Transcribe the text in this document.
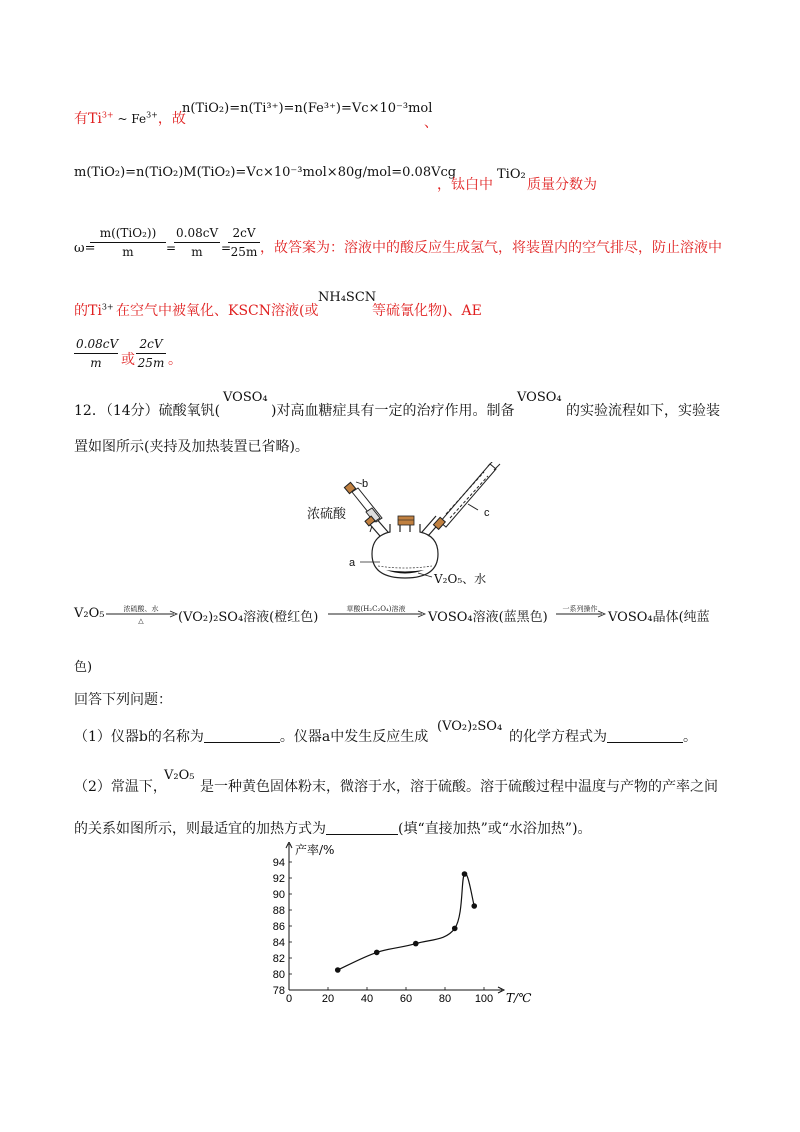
有$Ti^{3+}$ ~ $Fe^{3+}$，故
n(TiO₂)=n(Ti³⁺)=n(Fe³⁺)=Vc×10⁻³mol
、
m(TiO₂)=n(TiO₂)M(TiO₂)=Vc×10⁻³mol×80g/mol=0.08Vcg
，钛白中
TiO₂
质量分数为
ω=
m((TiO₂))
m	=
$\frac{0.08cV}{m}$ =
$\frac{2cV}{25m}$ ，故答案为：溶液中的酸反应生成氢气，将装置内的空气排尽，防止溶液中
的$Ti^{3+}$ 在空气中被氧化、KSCN溶液(或
NH₄SCN
等硫氰化物)、AE
$\frac{0.08cV}{m}$ 或 $\frac{2cV}{25m}$ 。
12．（14分）硫酸氧钒(
VOSO₄
)对高血糖症具有一定的治疗作用。制备
VOSO₄
的实验流程如下，实验装
置如图所示(夹持及加热装置已省略)。
b
浓硫酸	c
a
V₂O₅、水
V₂O₅	浓硫酸、水
△	(VO₂)₂SO₄溶液(橙红色)
草酸(H₂C₂O₄)溶液
VOSO₄溶液(蓝黑色)
一系列操作
VOSO₄晶体(纯蓝
色)
回答下列问题：
（1）仪器b的名称为	。仪器a中发生反应生成
(VO₂)₂SO₄
的化学方程式为	。
（2）常温下，
V₂O₅
是一种黄色固体粉末，微溶于水，溶于硫酸。溶于硫酸过程中温度与产物的产率之间
的关系如图所示，则最适宜的加热方式为	(填“直接加热”或“水浴加热”)。
0	20 40 60 80 100
78
80
82
84
86
88
90
92
94
T/℃
产率/%
